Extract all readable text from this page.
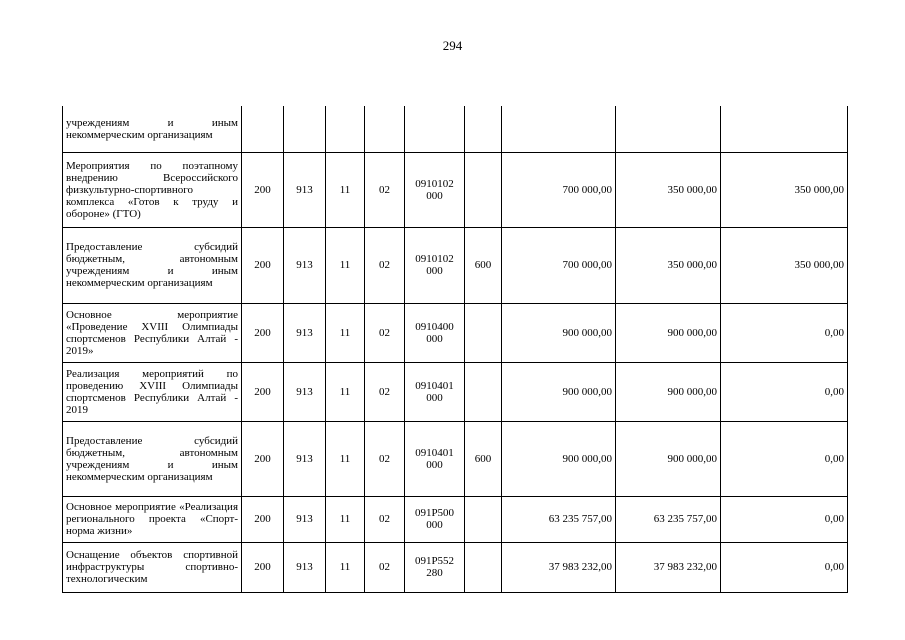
294
учреждениям и иным некоммерческим организациям									
Мероприятия по поэтапному внедрению Всероссийского физкультурно-спортивного комплекса «Готов к труду и обороне» (ГТО)	200	913	11	02	0910102 000		700 000,00	350 000,00	350 000,00
Предоставление субсидий бюджетным, автономным учреждениям и иным некоммерческим организациям	200	913	11	02	0910102 000	600	700 000,00	350 000,00	350 000,00
Основное мероприятие «Проведение XVIII Олимпиады спортсменов Республики Алтай - 2019»	200	913	11	02	0910400 000		900 000,00	900 000,00	0,00
Реализация мероприятий по проведению XVIII Олимпиады спортсменов Республики Алтай - 2019	200	913	11	02	0910401 000		900 000,00	900 000,00	0,00
Предоставление субсидий бюджетным, автономным учреждениям и иным некоммерческим организациям	200	913	11	02	0910401 000	600	900 000,00	900 000,00	0,00
Основное мероприятие «Реализация регионального проекта «Спорт-норма жизни»	200	913	11	02	091P500 000		63 235 757,00	63 235 757,00	0,00
Оснащение объектов спортивной инфраструктуры спортивно-технологическим	200	913	11	02	091P552 280		37 983 232,00	37 983 232,00	0,00
